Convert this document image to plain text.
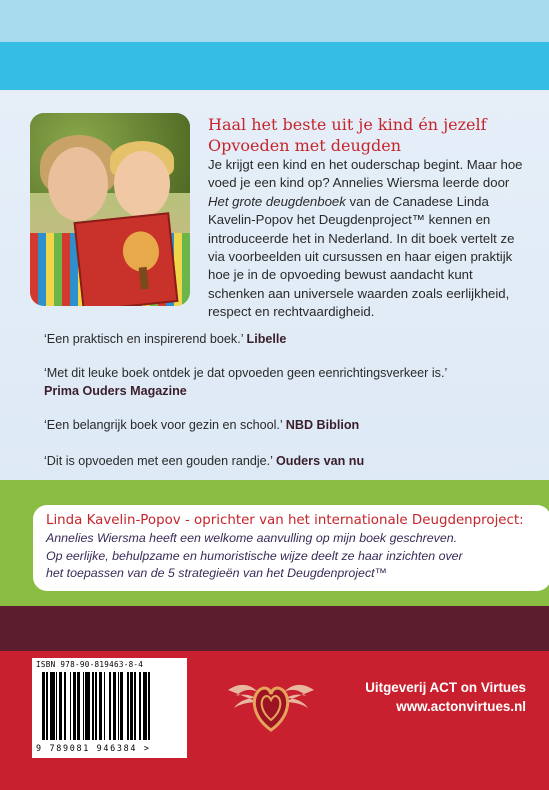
Haal het beste uit je kind én jezelf
Opvoeden met deugden
Je krijgt een kind en het ouderschap begint. Maar hoe voed je een kind op? Annelies Wiersma leerde door Het grote deugdenboek van de Canadese Linda Kavelin-Popov het Deugdenproject™ kennen en introduceerde het in Nederland. In dit boek vertelt ze via voorbeelden uit cursussen en haar eigen praktijk hoe je in de opvoeding bewust aandacht kunt schenken aan universele waarden zoals eerlijkheid, respect en rechtvaardigheid.
‘Een praktisch en inspirerend boek.’ Libelle
‘Met dit leuke boek ontdek je dat opvoeden geen eenrichtingsverkeer is.’
Prima Ouders Magazine
‘Een belangrijk boek voor gezin en school.’ NBD Biblion
‘Dit is opvoeden met een gouden randje.’ Ouders van nu
Linda Kavelin-Popov - oprichter van het internationale Deugdenproject:
Annelies Wiersma heeft een welkome aanvulling op mijn boek geschreven.
Op eerlijke, behulpzame en humoristische wijze deelt ze haar inzichten over
het toepassen van de 5 strategieën van het Deugdenproject™
ISBN 978-90-819463-8-4
9 789081 946384 >
Uitgeverij ACT on Virtues
www.actonvirtues.nl
